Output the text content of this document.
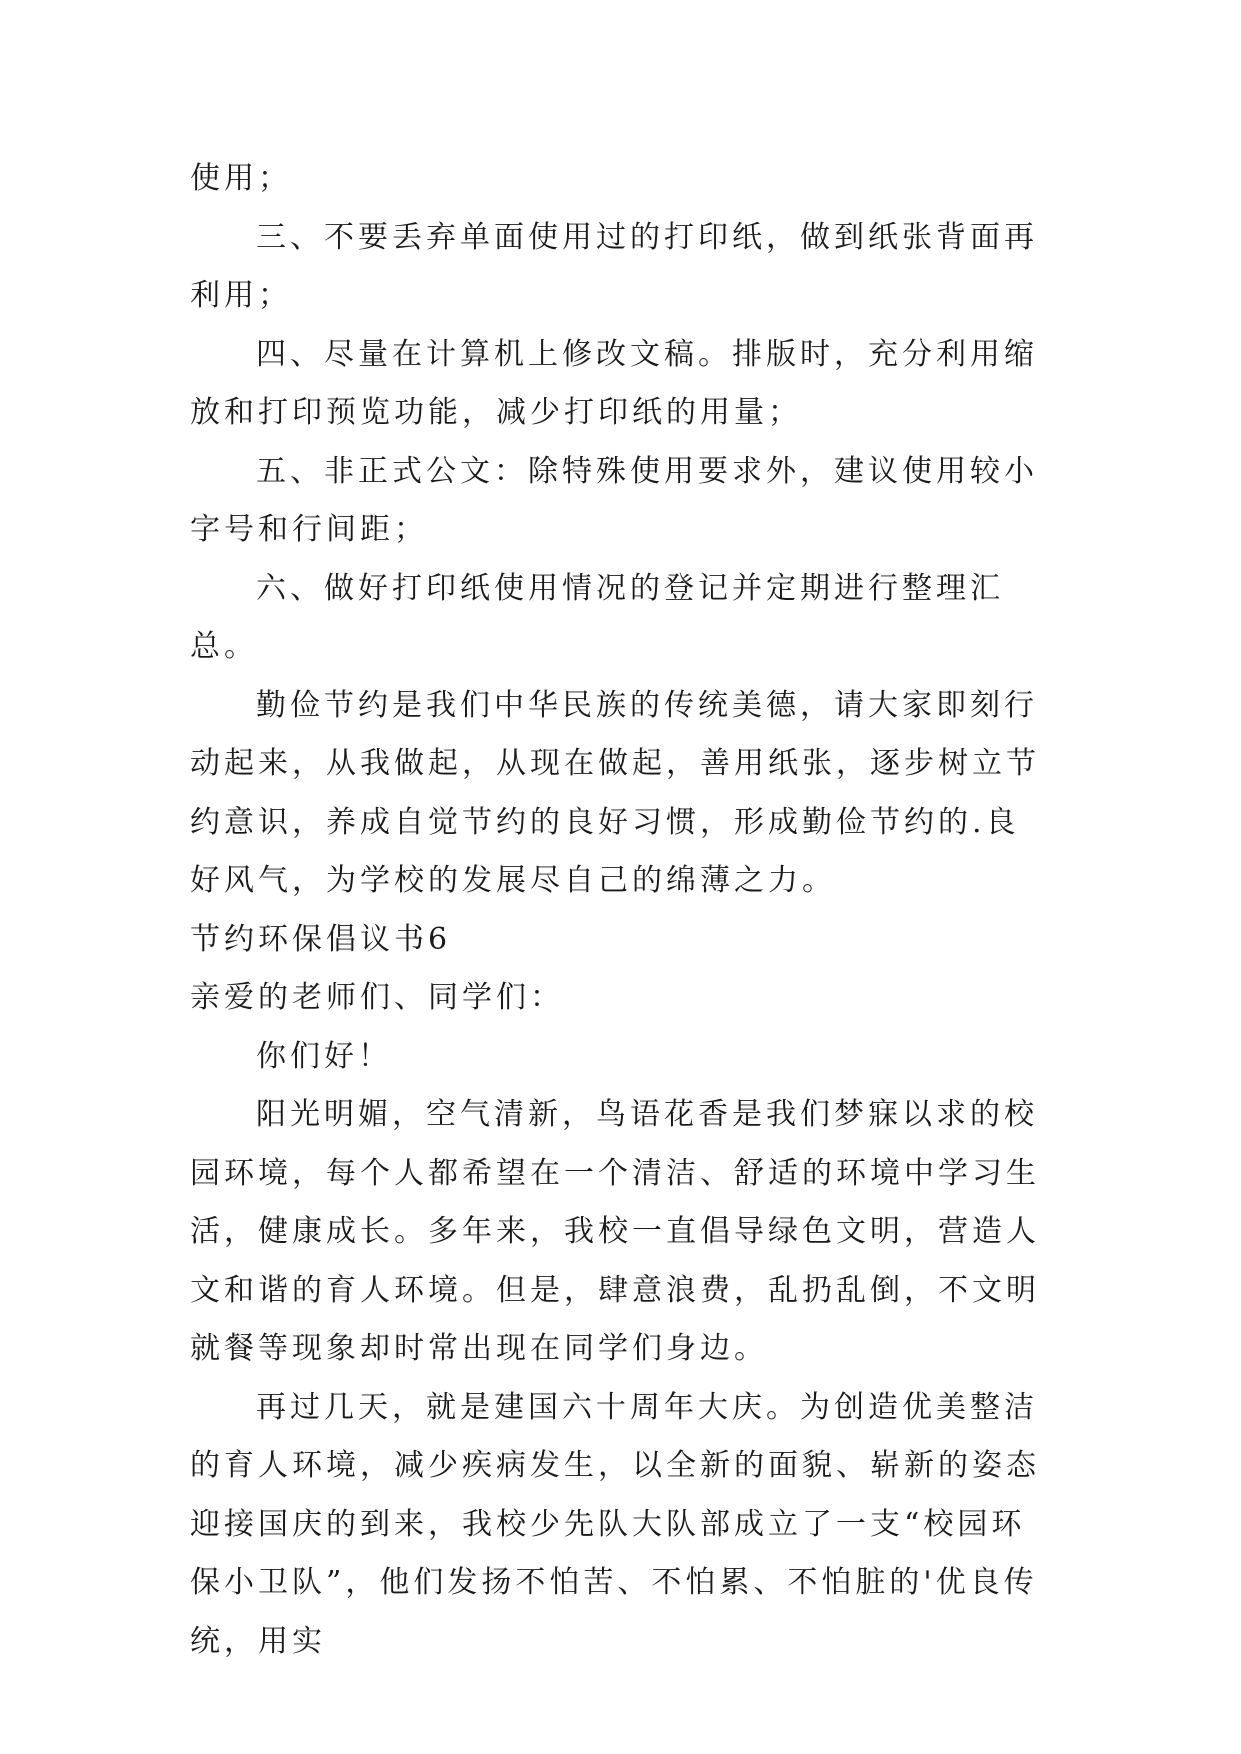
使用；

三、不要丢弃单面使用过的打印纸，做到纸张背面再利用；

四、尽量在计算机上修改文稿。排版时，充分利用缩放和打印预览功能，减少打印纸的用量；

五、非正式公文：除特殊使用要求外，建议使用较小字号和行间距；

六、做好打印纸使用情况的登记并定期进行整理汇总。

勤俭节约是我们中华民族的传统美德，请大家即刻行动起来，从我做起，从现在做起，善用纸张，逐步树立节约意识，养成自觉节约的良好习惯，形成勤俭节约的.良好风气，为学校的发展尽自己的绵薄之力。

节约环保倡议书6

亲爱的老师们、同学们：

你们好！

阳光明媚，空气清新，鸟语花香是我们梦寐以求的校园环境，每个人都希望在一个清洁、舒适的环境中学习生活，健康成长。多年来，我校一直倡导绿色文明，营造人文和谐的育人环境。但是，肆意浪费，乱扔乱倒，不文明就餐等现象却时常出现在同学们身边。

再过几天，就是建国六十周年大庆。为创造优美整洁的育人环境，减少疾病发生，以全新的面貌、崭新的姿态迎接国庆的到来，我校少先队大队部成立了一支“校园环保小卫队”，他们发扬不怕苦、不怕累、不怕脏的'优良传统，用实
